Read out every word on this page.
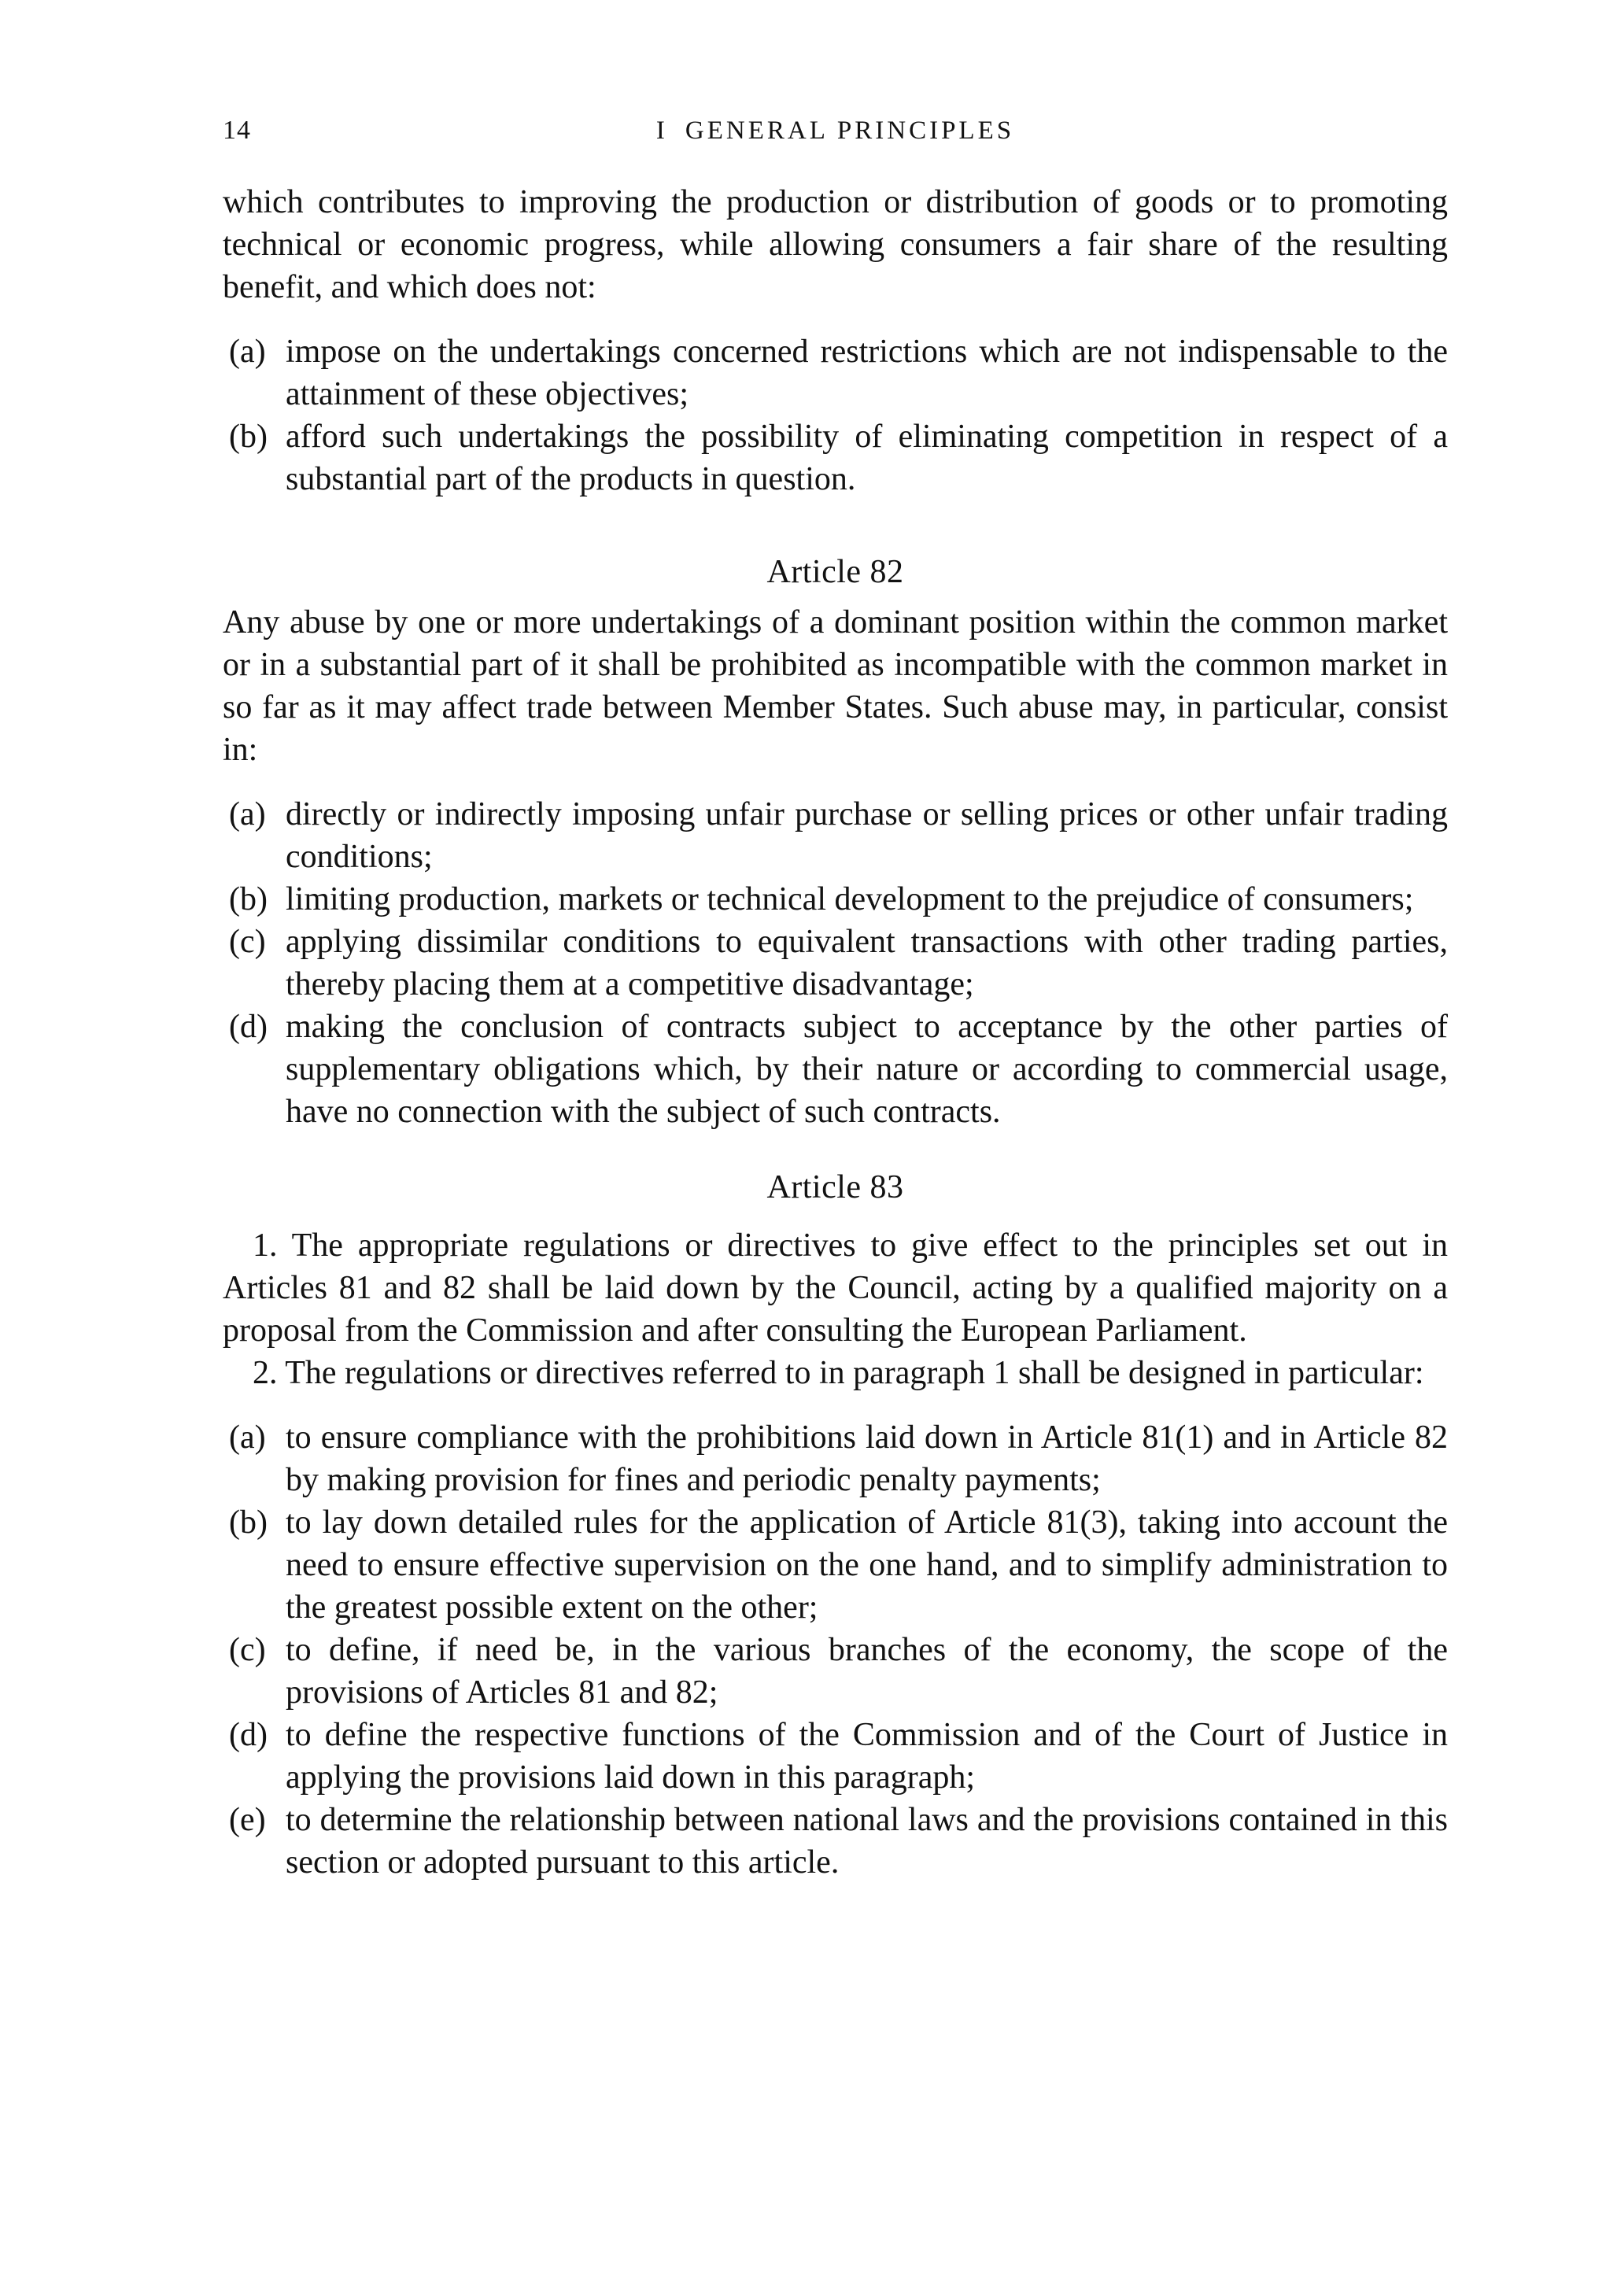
14	I GENERAL PRINCIPLES

which contributes to improving the production or distribution of goods or to promoting technical or economic progress, while allowing consumers a fair share of the resulting benefit, and which does not:

(a) impose on the undertakings concerned restrictions which are not indispensable to the attainment of these objectives;
(b) afford such undertakings the possibility of eliminating competition in respect of a substantial part of the products in question.
Article 82

Any abuse by one or more undertakings of a dominant position within the common market or in a substantial part of it shall be prohibited as incompatible with the common market in so far as it may affect trade between Member States. Such abuse may, in particular, consist in:

(a) directly or indirectly imposing unfair purchase or selling prices or other unfair trading conditions;
(b) limiting production, markets or technical development to the prejudice of consumers;
(c) applying dissimilar conditions to equivalent transactions with other trading parties, thereby placing them at a competitive disadvantage;
(d) making the conclusion of contracts subject to acceptance by the other parties of supplementary obligations which, by their nature or according to commercial usage, have no connection with the subject of such contracts.
Article 83

1. The appropriate regulations or directives to give effect to the principles set out in Articles 81 and 82 shall be laid down by the Council, acting by a qualified majority on a proposal from the Commission and after consulting the European Parliament.

2. The regulations or directives referred to in paragraph 1 shall be designed in particular:

(a) to ensure compliance with the prohibitions laid down in Article 81(1) and in Article 82 by making provision for fines and periodic penalty payments;
(b) to lay down detailed rules for the application of Article 81(3), taking into account the need to ensure effective supervision on the one hand, and to simplify administration to the greatest possible extent on the other;
(c) to define, if need be, in the various branches of the economy, the scope of the provisions of Articles 81 and 82;
(d) to define the respective functions of the Commission and of the Court of Justice in applying the provisions laid down in this paragraph;
(e) to determine the relationship between national laws and the provisions contained in this section or adopted pursuant to this article.
